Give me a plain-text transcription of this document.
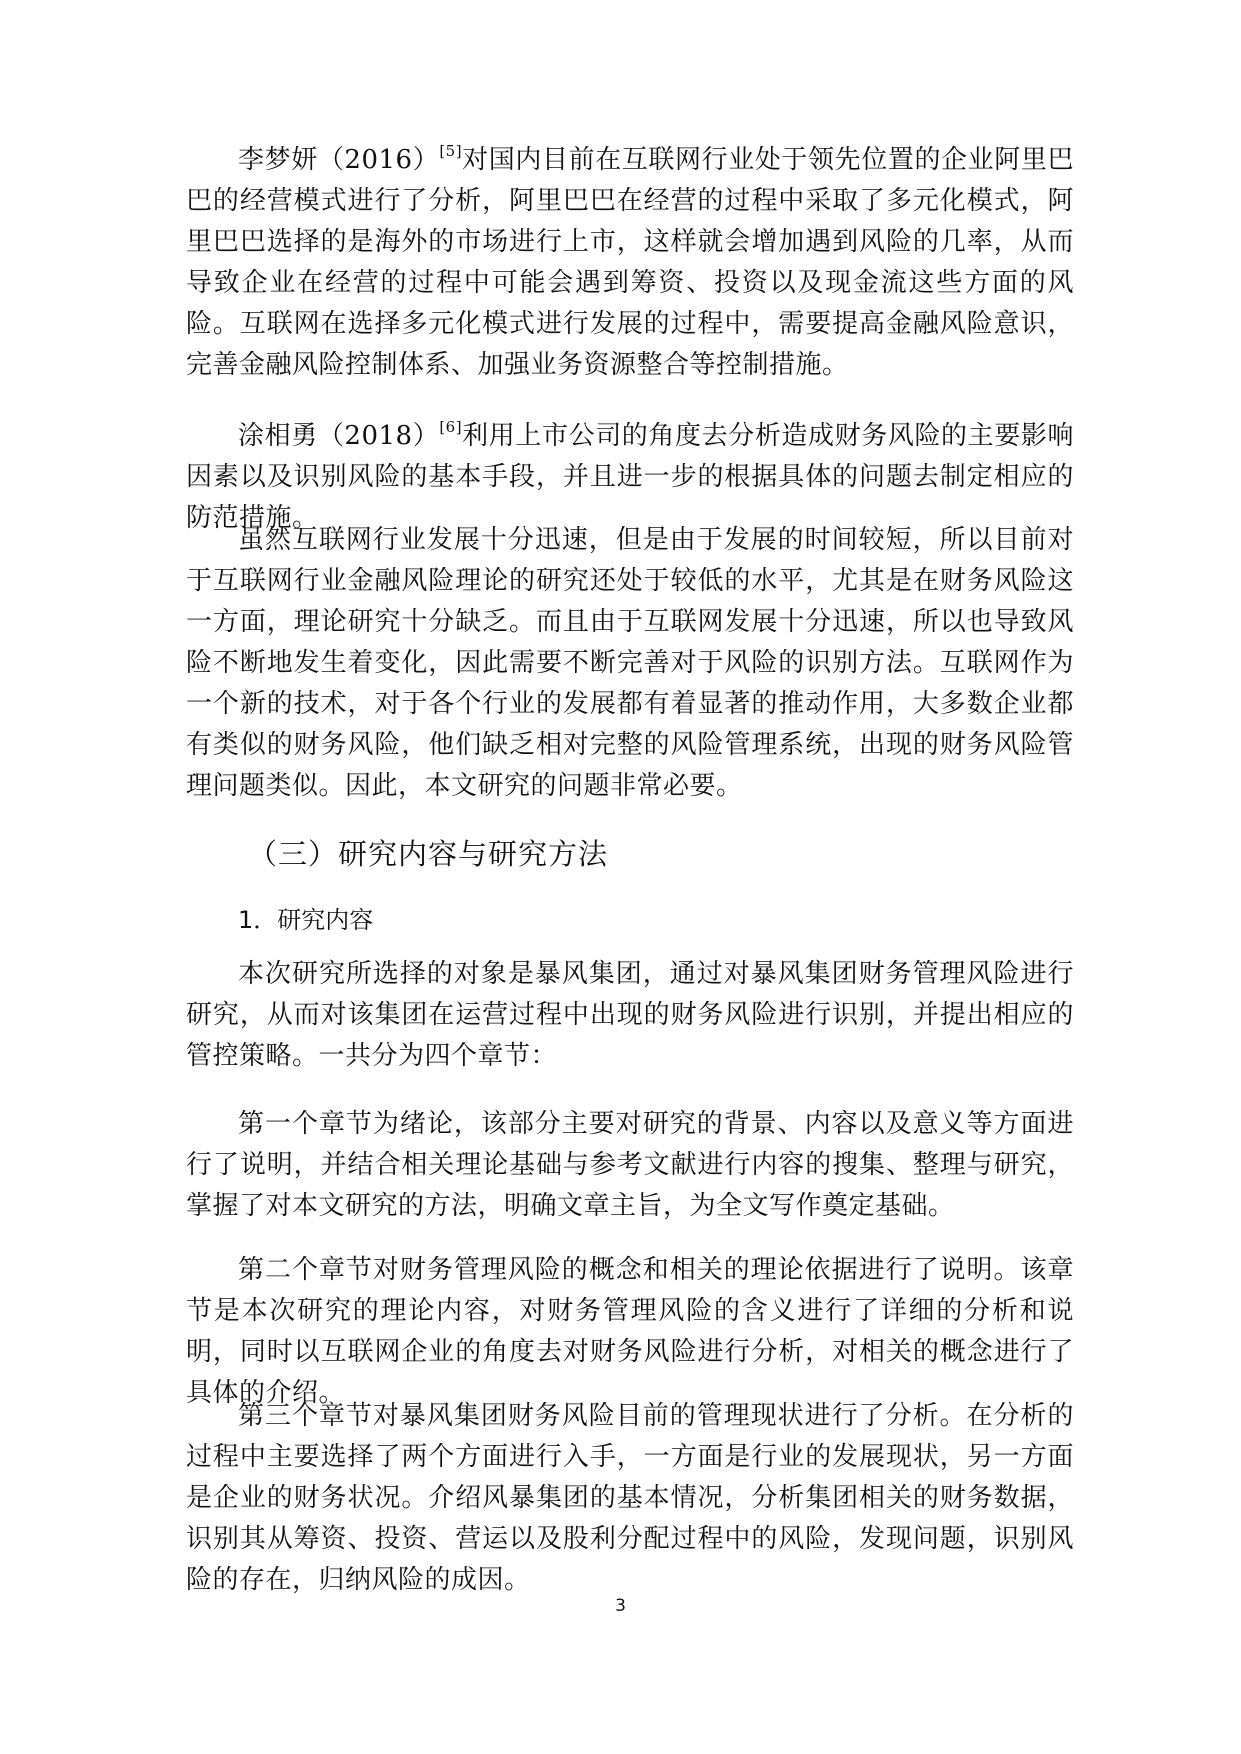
李梦妍（2016）[5]对国内目前在互联网行业处于领先位置的企业阿里巴巴的经营模式进行了分析，阿里巴巴在经营的过程中采取了多元化模式，阿里巴巴选择的是海外的市场进行上市，这样就会增加遇到风险的几率，从而导致企业在经营的过程中可能会遇到筹资、投资以及现金流这些方面的风险。互联网在选择多元化模式进行发展的过程中，需要提高金融风险意识，完善金融风险控制体系、加强业务资源整合等控制措施。

涂相勇（2018）[6]利用上市公司的角度去分析造成财务风险的主要影响因素以及识别风险的基本手段，并且进一步的根据具体的问题去制定相应的防范措施。

虽然互联网行业发展十分迅速，但是由于发展的时间较短，所以目前对于互联网行业金融风险理论的研究还处于较低的水平，尤其是在财务风险这一方面，理论研究十分缺乏。而且由于互联网发展十分迅速，所以也导致风险不断地发生着变化，因此需要不断完善对于风险的识别方法。互联网作为一个新的技术，对于各个行业的发展都有着显著的推动作用，大多数企业都有类似的财务风险，他们缺乏相对完整的风险管理系统，出现的财务风险管理问题类似。因此，本文研究的问题非常必要。

（三）研究内容与研究方法
1．研究内容

本次研究所选择的对象是暴风集团，通过对暴风集团财务管理风险进行研究，从而对该集团在运营过程中出现的财务风险进行识别，并提出相应的管控策略。一共分为四个章节：

第一个章节为绪论，该部分主要对研究的背景、内容以及意义等方面进行了说明，并结合相关理论基础与参考文献进行内容的搜集、整理与研究，掌握了对本文研究的方法，明确文章主旨，为全文写作奠定基础。

第二个章节对财务管理风险的概念和相关的理论依据进行了说明。该章节是本次研究的理论内容，对财务管理风险的含义进行了详细的分析和说明，同时以互联网企业的角度去对财务风险进行分析，对相关的概念进行了具体的介绍。

第三个章节对暴风集团财务风险目前的管理现状进行了分析。在分析的过程中主要选择了两个方面进行入手，一方面是行业的发展现状，另一方面是企业的财务状况。介绍风暴集团的基本情况，分析集团相关的财务数据，识别其从筹资、投资、营运以及股利分配过程中的风险，发现问题，识别风险的存在，归纳风险的成因。

3
